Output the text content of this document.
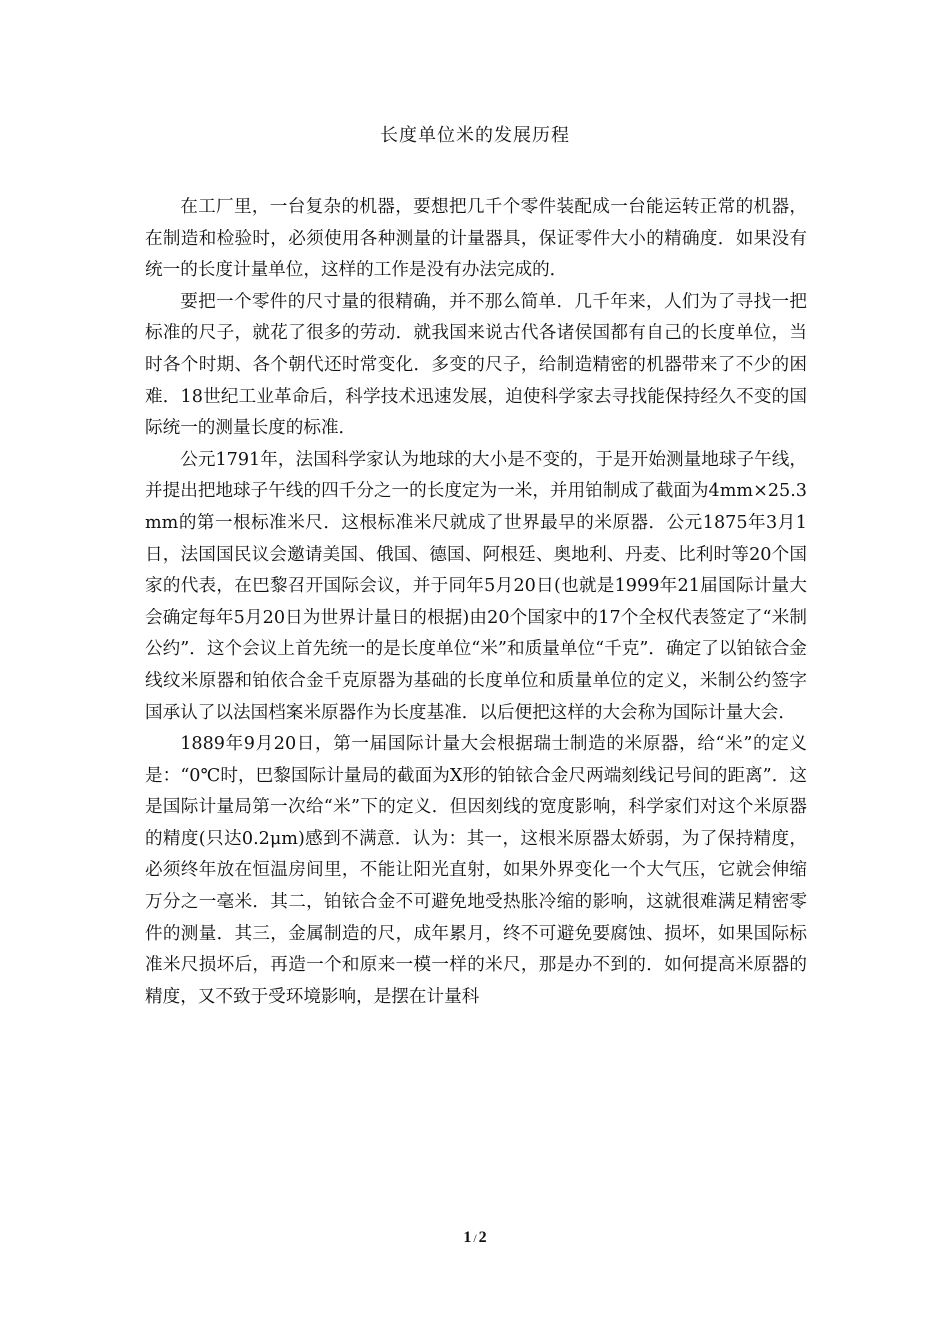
长度单位米的发展历程

在工厂里，一台复杂的机器，要想把几千个零件装配成一台能运转正常的机器，在制造和检验时，必须使用各种测量的计量器具，保证零件大小的精确度．如果没有统一的长度计量单位，这样的工作是没有办法完成的．

要把一个零件的尺寸量的很精确，并不那么简单．几千年来，人们为了寻找一把标准的尺子，就花了很多的劳动．就我国来说古代各诸侯国都有自己的长度单位，当时各个时期、各个朝代还时常变化．多变的尺子，给制造精密的机器带来了不少的困难．18世纪工业革命后，科学技术迅速发展，迫使科学家去寻找能保持经久不变的国际统一的测量长度的标准．

公元1791年，法国科学家认为地球的大小是不变的，于是开始测量地球子午线，并提出把地球子午线的四千分之一的长度定为一米，并用铂制成了截面为4mm×25.3mm的第一根标准米尺．这根标准米尺就成了世界最早的米原器．公元1875年3月1日，法国国民议会邀请美国、俄国、德国、阿根廷、奥地利、丹麦、比利时等20个国家的代表，在巴黎召开国际会议，并于同年5月20日(也就是1999年21届国际计量大会确定每年5月20日为世界计量日的根据)由20个国家中的17个全权代表签定了“米制公约”．这个会议上首先统一的是长度单位“米”和质量单位“千克”．确定了以铂铱合金线纹米原器和铂依合金千克原器为基础的长度单位和质量单位的定义，米制公约签字国承认了以法国档案米原器作为长度基准．以后便把这样的大会称为国际计量大会．

1889年9月20日，第一届国际计量大会根据瑞士制造的米原器，给“米”的定义是：“0℃时，巴黎国际计量局的截面为X形的铂铱合金尺两端刻线记号间的距离”．这是国际计量局第一次给“米”下的定义．但因刻线的宽度影响，科学家们对这个米原器的精度(只达0.2μm)感到不满意．认为：其一，这根米原器太娇弱，为了保持精度，必须终年放在恒温房间里，不能让阳光直射，如果外界变化一个大气压，它就会伸缩万分之一毫米．其二，铂铱合金不可避免地受热胀冷缩的影响，这就很难满足精密零件的测量．其三，金属制造的尺，成年累月，终不可避免要腐蚀、损坏，如果国际标准米尺损坏后，再造一个和原来一模一样的米尺，那是办不到的．如何提高米原器的精度，又不致于受环境影响，是摆在计量科

1 / 2
